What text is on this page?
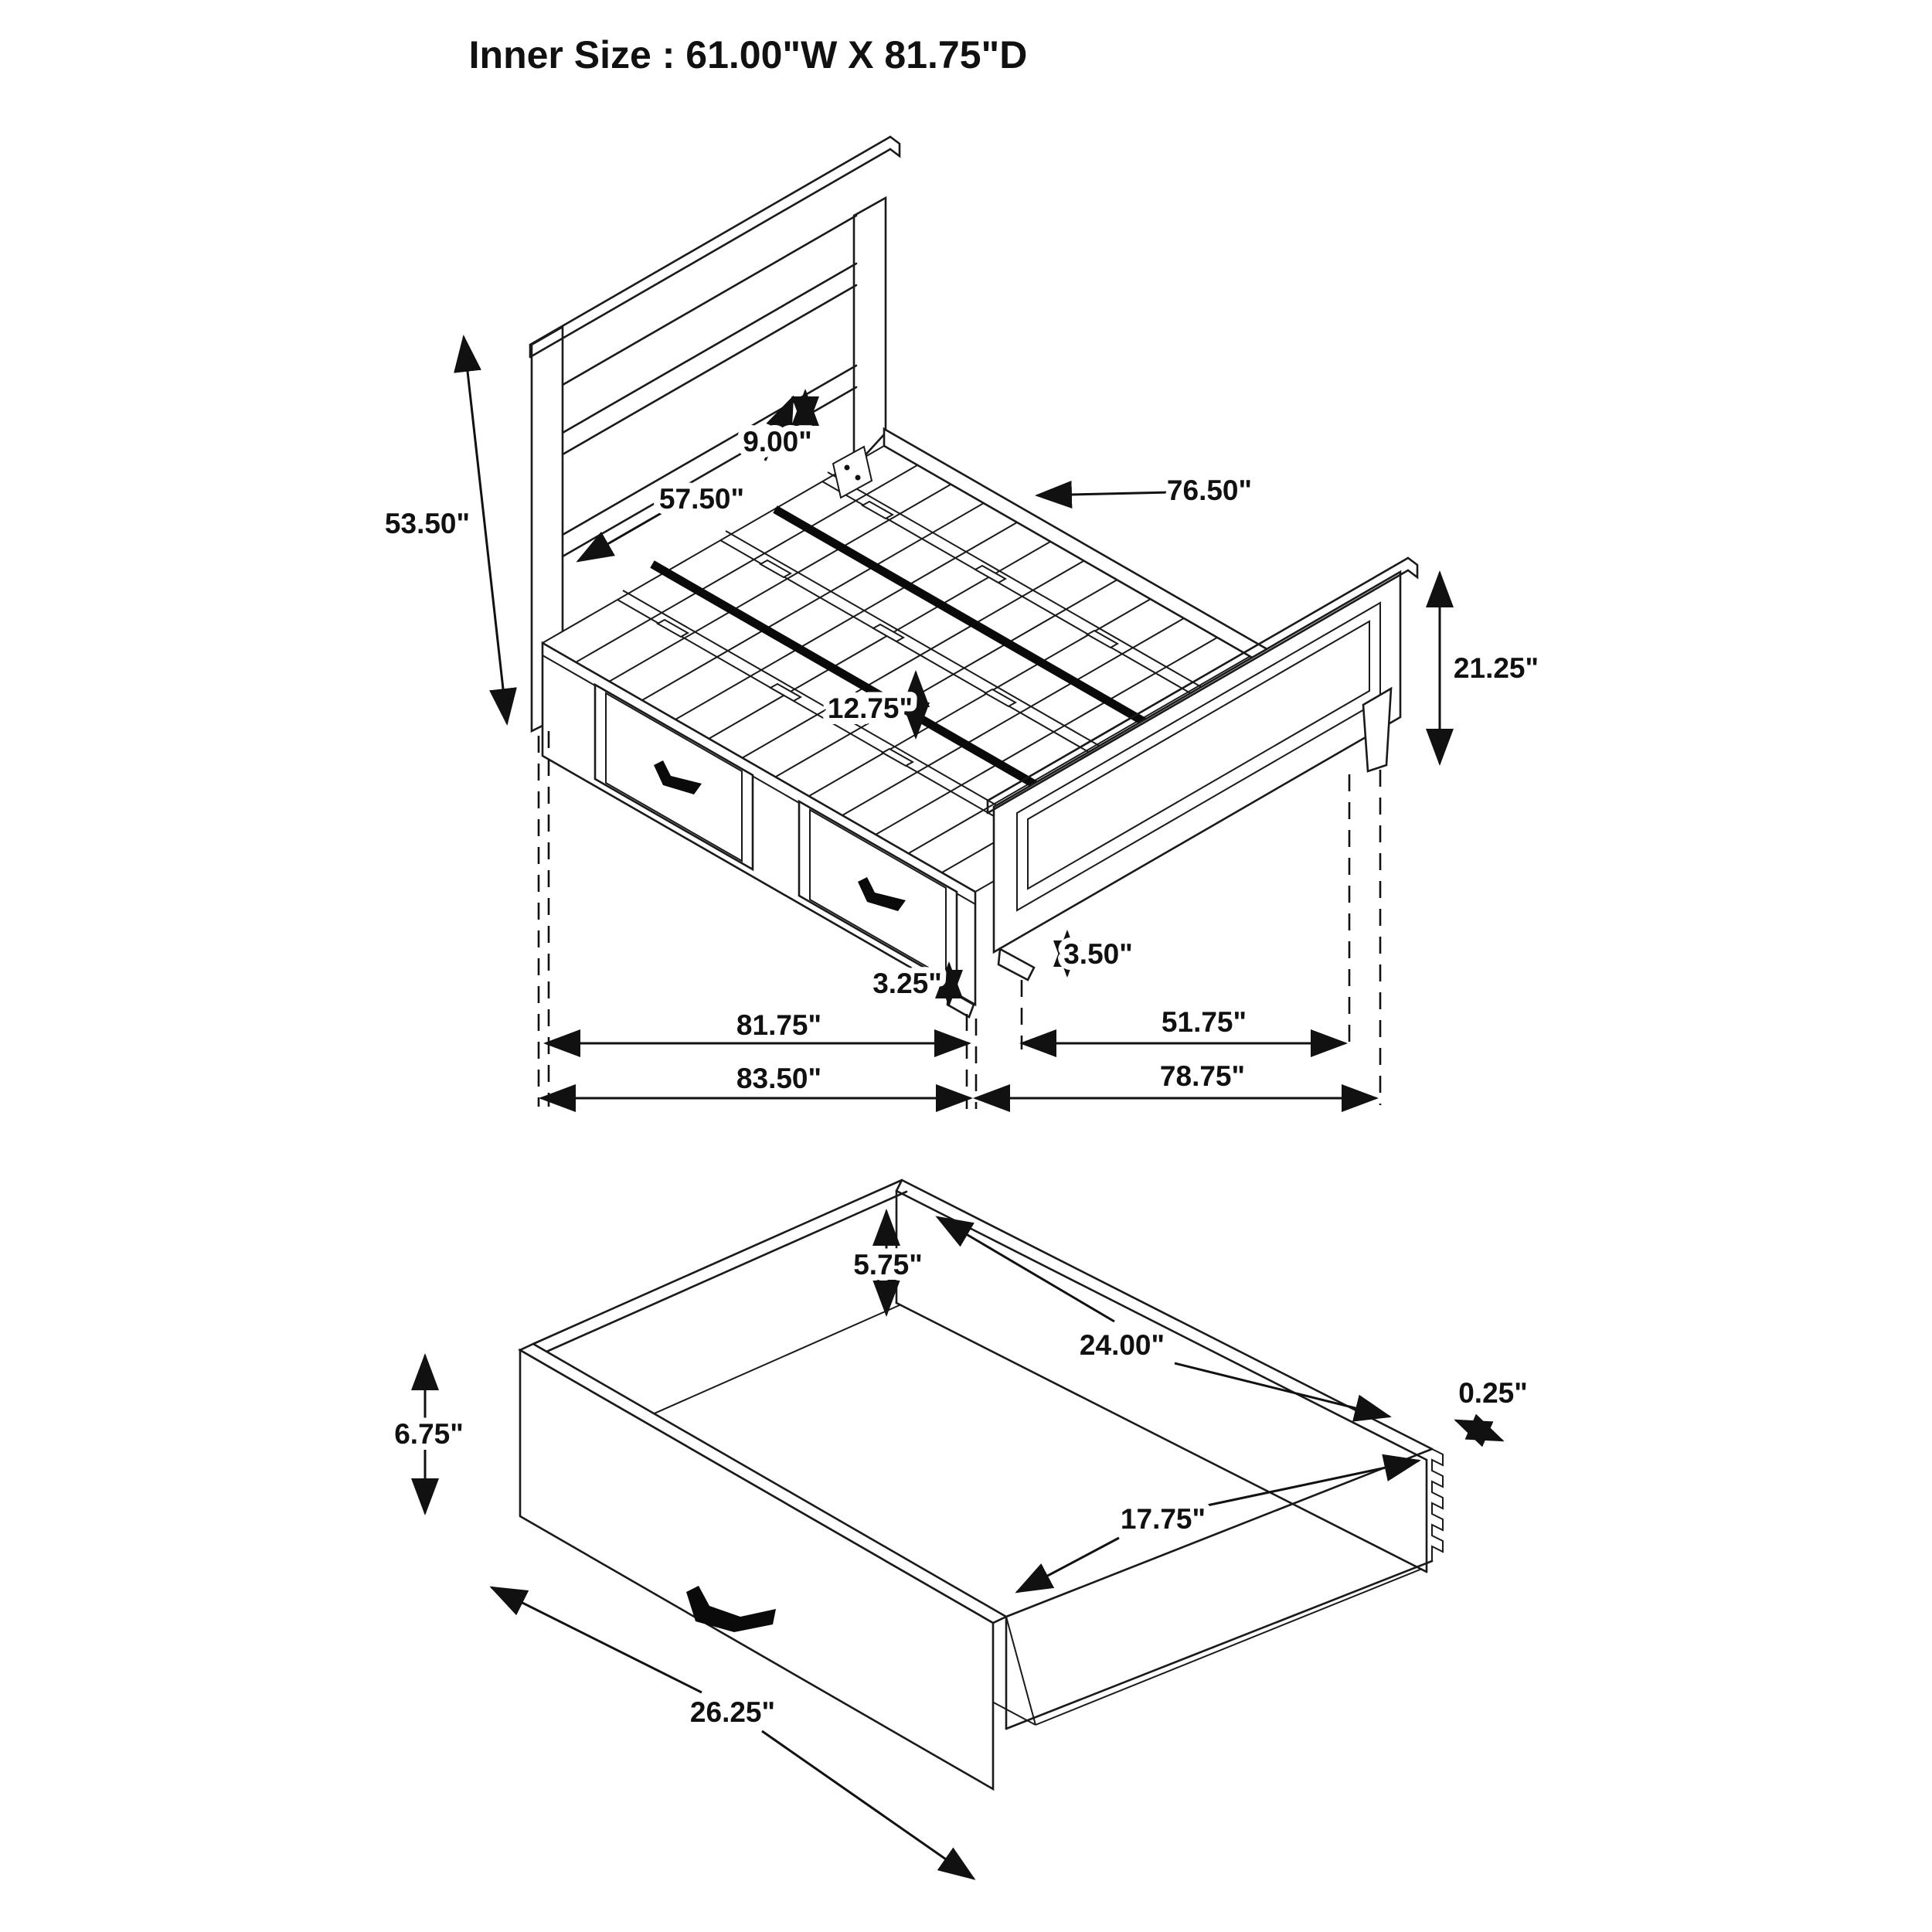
Inner Size : 61.00"W X 81.75"D
53.50"
9.00"
57.50"	76.50"
21.25"
12.75"
3.25"
3.50"
81.75"	51.75"
83.50"	78.75"
5.75"
24.00"
0.25"
17.75"
6.75"
26.25"
